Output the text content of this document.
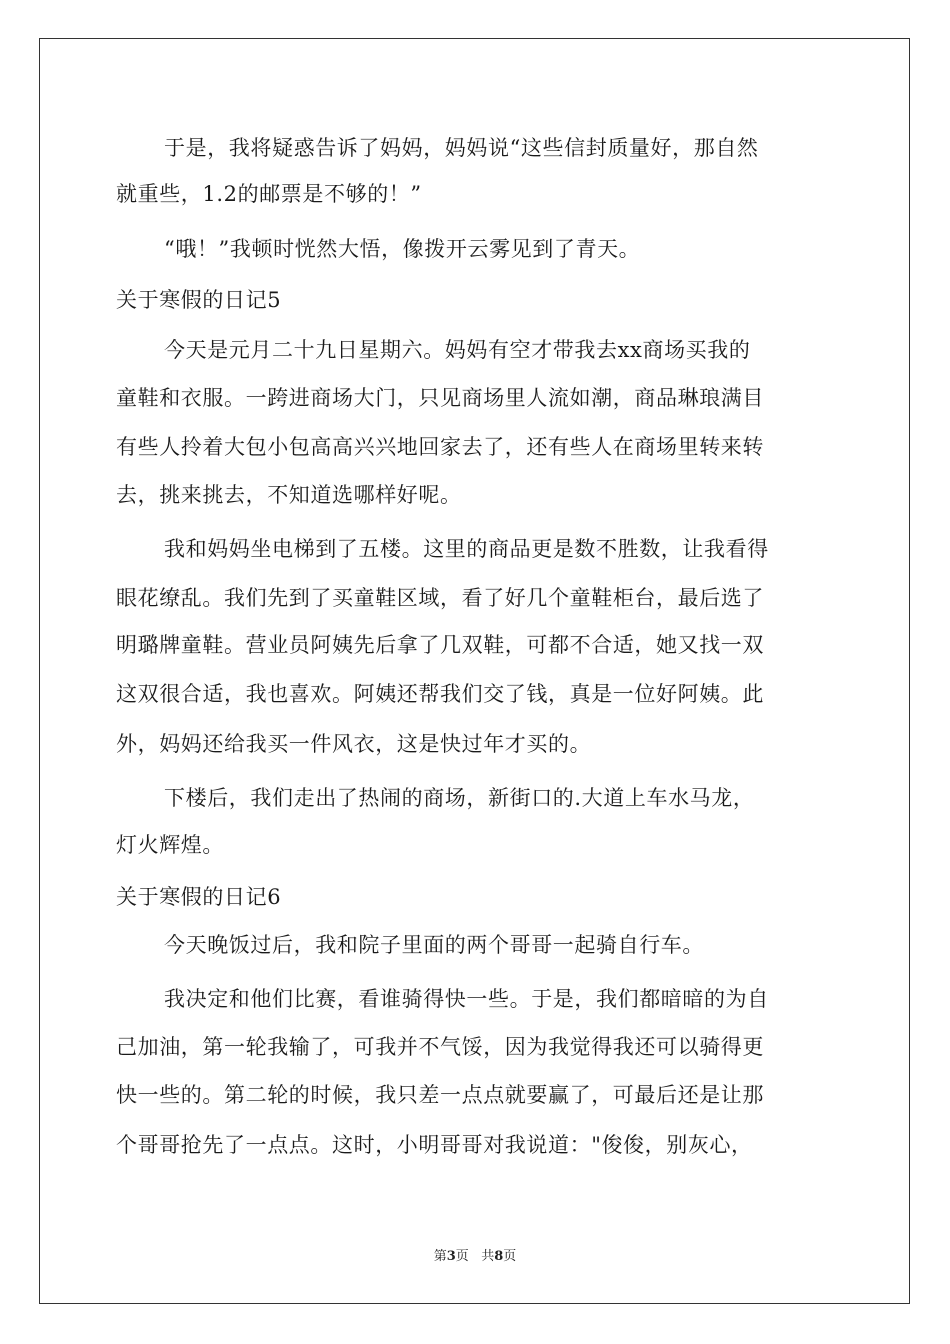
于是，我将疑惑告诉了妈妈，妈妈说“这些信封质量好，那自然
就重些，1.2的邮票是不够的！”
“哦！”我顿时恍然大悟，像拨开云雾见到了青天。
关于寒假的日记5
今天是元月二十九日星期六。妈妈有空才带我去xx商场买我的
童鞋和衣服。一跨进商场大门，只见商场里人流如潮，商品琳琅满目
有些人拎着大包小包高高兴兴地回家去了，还有些人在商场里转来转
去，挑来挑去，不知道选哪样好呢。
我和妈妈坐电梯到了五楼。这里的商品更是数不胜数，让我看得
眼花缭乱。我们先到了买童鞋区域，看了好几个童鞋柜台，最后选了
明璐牌童鞋。营业员阿姨先后拿了几双鞋，可都不合适，她又找一双
这双很合适，我也喜欢。阿姨还帮我们交了钱，真是一位好阿姨。此
外，妈妈还给我买一件风衣，这是快过年才买的。
下楼后，我们走出了热闹的商场，新街口的.大道上车水马龙，
灯火辉煌。
关于寒假的日记6
今天晚饭过后，我和院子里面的两个哥哥一起骑自行车。
我决定和他们比赛，看谁骑得快一些。于是，我们都暗暗的为自
己加油，第一轮我输了，可我并不气馁，因为我觉得我还可以骑得更
快一些的。第二轮的时候，我只差一点点就要赢了，可最后还是让那
个哥哥抢先了一点点。这时，小明哥哥对我说道："俊俊，别灰心，
第3页   共8页
